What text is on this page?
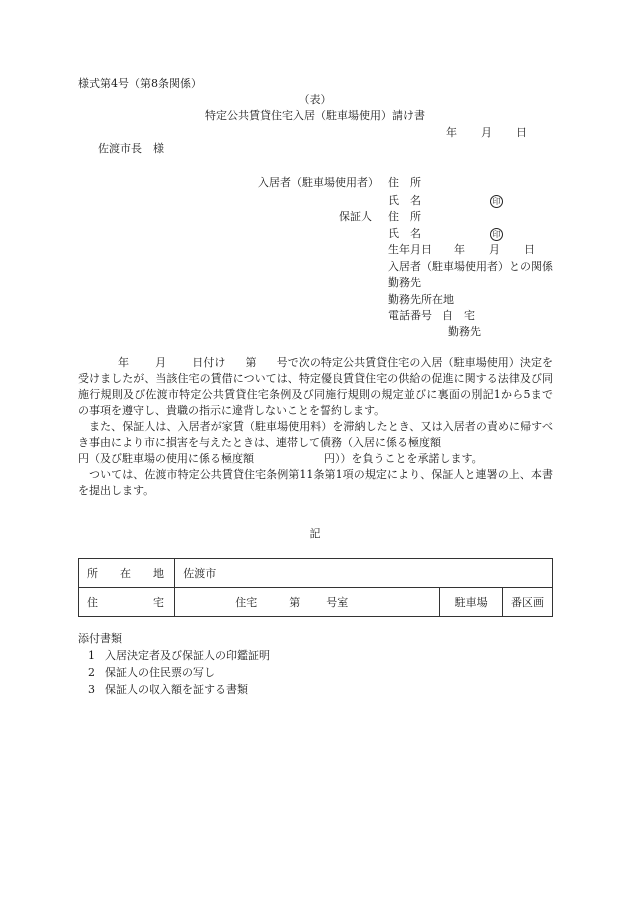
様式第4号（第8条関係）
（表）
特定公共賃貸住宅入居（駐車場使用）請け書
年 月 日
佐渡市長　様
入居者（駐車場使用者） 住　所
氏　名	印
保証人 住　所
氏　名	印
生年月日 年 月 日
入居者（駐車場使用者）との関係
勤務先
勤務先所在地
電話番号 自　宅
勤務先

年 月 日付け 第 号で次の特定公共賃貸住宅の入居（駐車場使用）決定を受けましたが、当該住宅の賃借については、特定優良賃貸住宅の供給の促進に関する法律及び同施行規則及び佐渡市特定公共賃貸住宅条例及び同施行規則の規定並びに裏面の別記1から5までの事項を遵守し、貴職の指示に違背しないことを誓約します。

また、保証人は、入居者が家賃（駐車場使用料）を滞納したとき、又は入居者の責めに帰すべき事由により市に損害を与えたときは、連帯して債務（入居に係る極度額
円（及び駐車場の使用に係る極度額	円））を負うことを承諾します。

ついては、佐渡市特定公共賃貸住宅条例第11条第1項の規定により、保証人と連署の上、本書を提出します。

記
所　　在　　地	佐渡市		
住　　　　　宅	住宅 第 号室	駐車場	番区画
添付書類
1 入居決定者及び保証人の印鑑証明
2 保証人の住民票の写し
3 保証人の収入額を証する書類
